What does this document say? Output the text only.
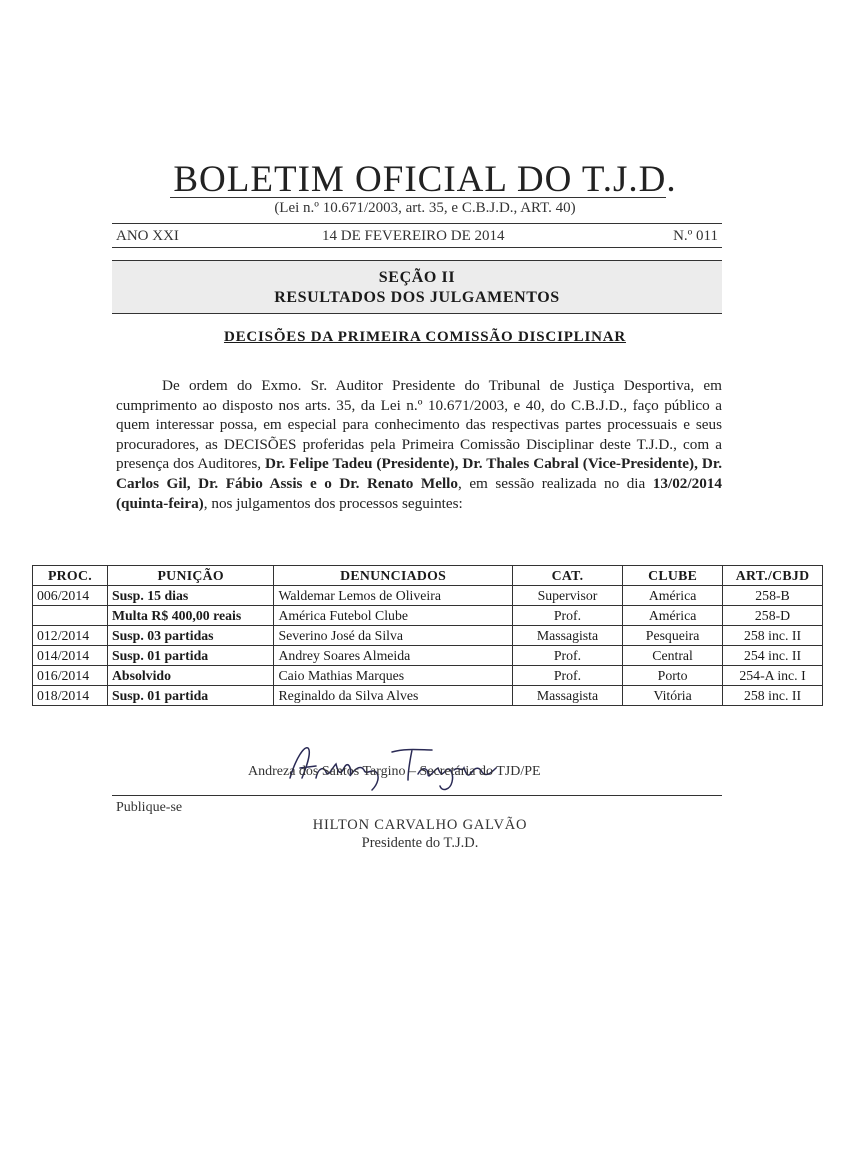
BOLETIM OFICIAL DO T.J.D.
(Lei n.º 10.671/2003, art. 35, e C.B.J.D., ART. 40)
ANO XXI	14 DE FEVEREIRO DE 2014	N.º 011
SEÇÃO II
RESULTADOS DOS JULGAMENTOS
DECISÕES DA PRIMEIRA COMISSÃO DISCIPLINAR
De ordem do Exmo. Sr. Auditor Presidente do Tribunal de Justiça Desportiva, em cumprimento ao disposto nos arts. 35, da Lei n.º 10.671/2003, e 40, do C.B.J.D., faço público a quem interessar possa, em especial para conhecimento das respectivas partes processuais e seus procuradores, as DECISÕES proferidas pela Primeira Comissão Disciplinar deste T.J.D., com a presença dos Auditores, Dr. Felipe Tadeu (Presidente), Dr. Thales Cabral (Vice-Presidente), Dr. Carlos Gil, Dr. Fábio Assis e o Dr. Renato Mello, em sessão realizada no dia 13/02/2014 (quinta-feira), nos julgamentos dos processos seguintes:
PROC.	PUNIÇÃO	DENUNCIADOS	CAT.	CLUBE	ART./CBJD
006/2014	Susp. 15 dias	Waldemar Lemos de Oliveira	Supervisor	América	258-B
	Multa R$ 400,00 reais	América Futebol Clube	Prof.	América	258-D
012/2014	Susp. 03 partidas	Severino José da Silva	Massagista	Pesqueira	258 inc. II
014/2014	Susp. 01 partida	Andrey Soares Almeida	Prof.	Central	254 inc. II
016/2014	Absolvido	Caio Mathias Marques	Prof.	Porto	254-A inc. I
018/2014	Susp. 01 partida	Reginaldo da Silva Alves	Massagista	Vitória	258 inc. II
Andreza dos Santos Targino – Secretária do TJD/PE
Publique-se
HILTON CARVALHO GALVÃO
Presidente do T.J.D.
